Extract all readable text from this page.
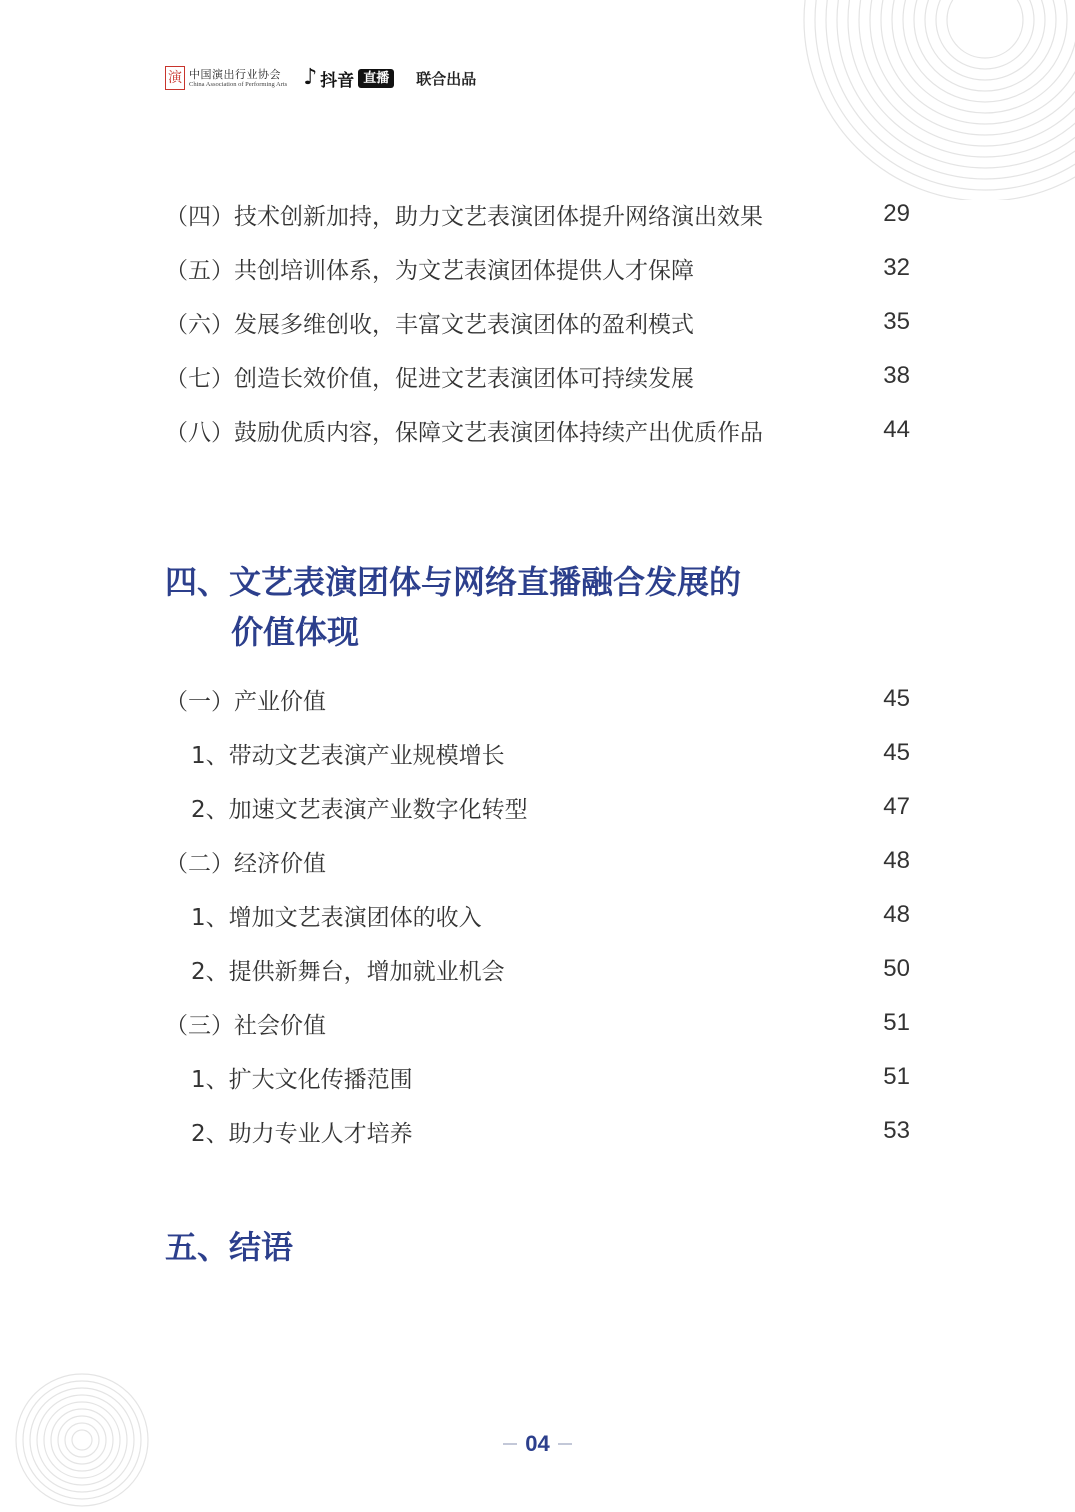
演 中国演出行业协会
China Association of Performing Arts ♪ 抖音 直播	联合出品
（四）技术创新加持，助力文艺表演团体提升网络演出效果	29
（五）共创培训体系，为文艺表演团体提供人才保障	32
（六）发展多维创收，丰富文艺表演团体的盈利模式	35
（七）创造长效价值，促进文艺表演团体可持续发展	38
（八）鼓励优质内容，保障文艺表演团体持续产出优质作品	44
四、文艺表演团体与网络直播融合发展的
价值体现
（一）产业价值	45
1、带动文艺表演产业规模增长	45
2、加速文艺表演产业数字化转型	47
（二）经济价值	48
1、增加文艺表演团体的收入	48
2、提供新舞台，增加就业机会	50
（三）社会价值	51
1、扩大文化传播范围	51
2、助力专业人才培养	53
五、结语
04
